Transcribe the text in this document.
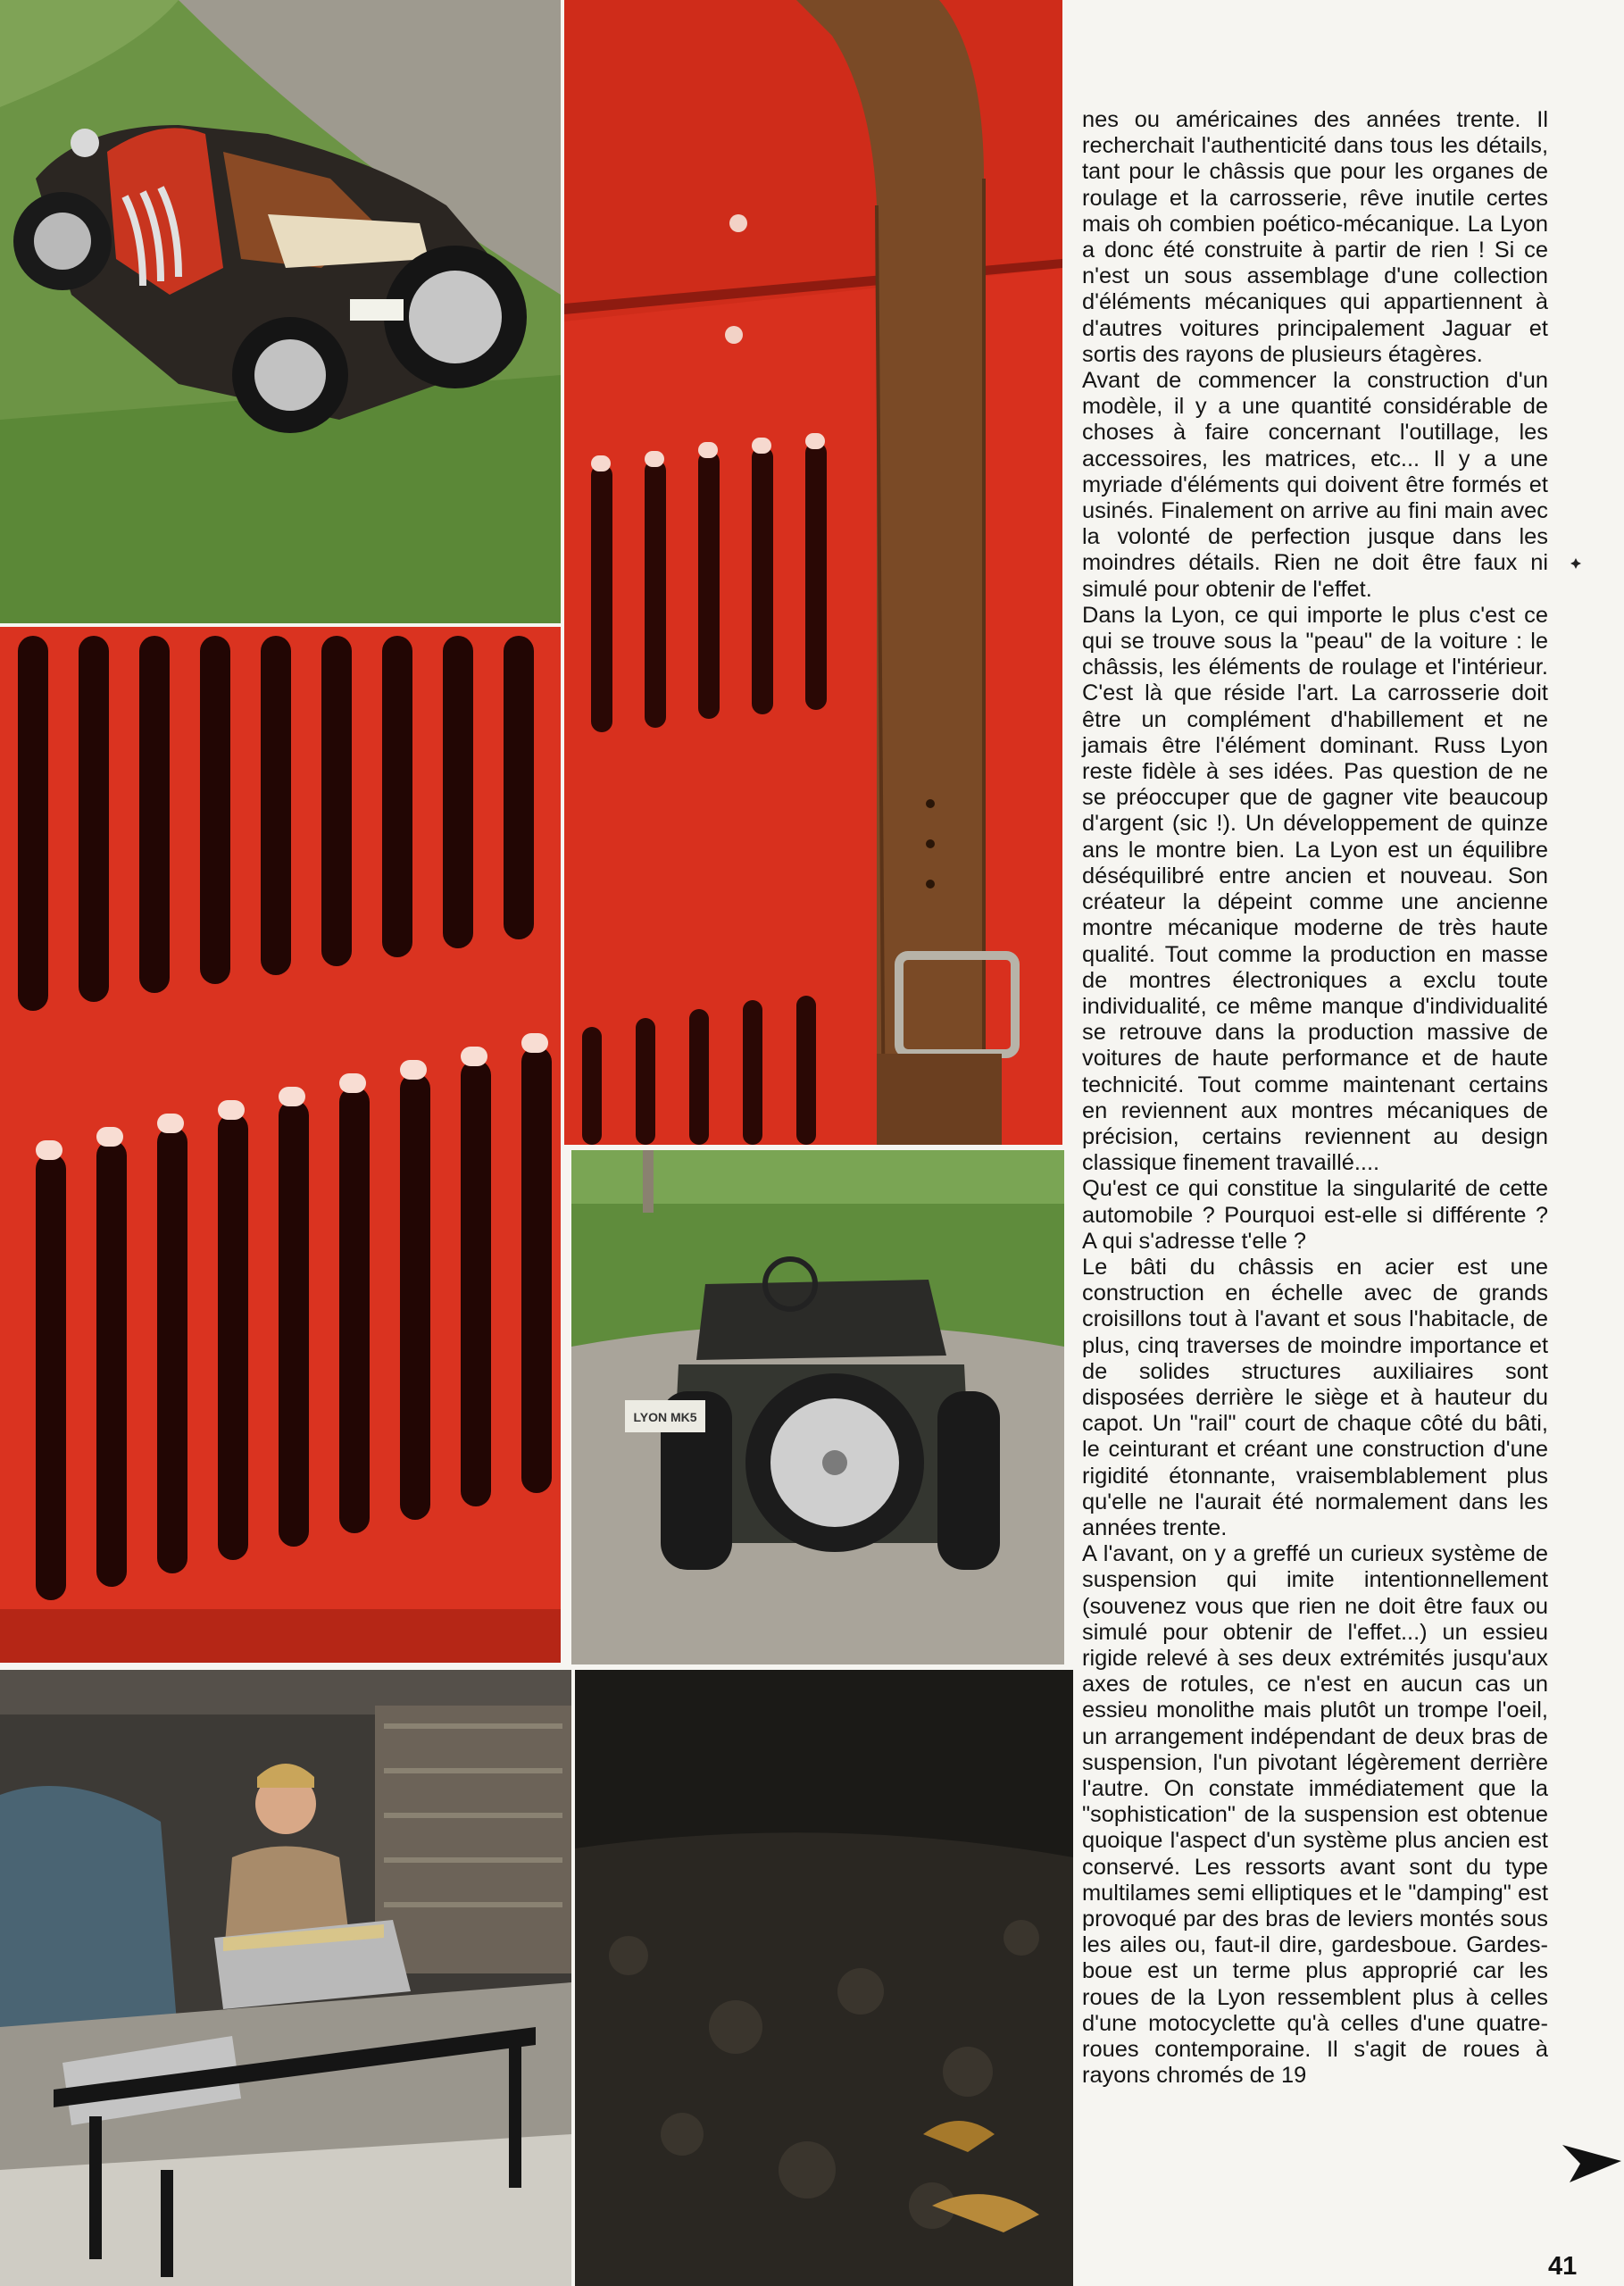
LYON MK5

nes ou américaines des années trente. Il recherchait l'authenticité dans tous les détails, tant pour le châssis que pour les organes de roulage et la carrosserie, rêve inutile certes mais oh combien poético-mécanique. La Lyon a donc été construite à partir de rien ! Si ce n'est un sous assemblage d'une collection d'éléments mécaniques qui appartiennent à d'autres voitures principalement Jaguar et sortis des rayons de plusieurs étagères.

Avant de commencer la construction d'un modèle, il y a une quantité considérable de choses à faire concernant l'outillage, les accessoires, les matrices, etc... Il y a une myriade d'éléments qui doivent être formés et usinés. Finalement on arrive au fini main avec la volonté de perfection jusque dans les moindres détails. Rien ne doit être faux ni simulé pour obtenir de l'effet.

Dans la Lyon, ce qui importe le plus c'est ce qui se trouve sous la "peau" de la voiture : le châssis, les éléments de roulage et l'intérieur. C'est là que réside l'art. La carrosserie doit être un complément d'habillement et ne jamais être l'élément dominant. Russ Lyon reste fidèle à ses idées. Pas question de ne se préoccuper que de gagner vite beaucoup d'argent (sic !). Un développement de quinze ans le montre bien. La Lyon est un équilibre déséquilibré entre ancien et nouveau. Son créateur la dépeint comme une ancienne montre mécanique moderne de très haute qualité. Tout comme la production en masse de montres électroniques a exclu toute individualité, ce même manque d'individualité se retrouve dans la production massive de voitures de haute performance et de haute technicité. Tout comme maintenant certains en reviennent aux montres mécaniques de précision, certains reviennent au design classique finement travaillé....

Qu'est ce qui constitue la singularité de cette automobile ? Pourquoi est-elle si différente ? A qui s'adresse t'elle ?

Le bâti du châssis en acier est une construction en échelle avec de grands croisillons tout à l'avant et sous l'habitacle, de plus, cinq traverses de moindre importance et de solides structures auxiliaires sont disposées derrière le siège et à hauteur du capot. Un "rail" court de chaque côté du bâti, le ceinturant et créant une construction d'une rigidité étonnante, vraisemblablement plus qu'elle ne l'aurait été normalement dans les années trente.

A l'avant, on y a greffé un curieux système de suspension qui imite intentionnellement (souvenez vous que rien ne doit être faux ou simulé pour obtenir de l'effet...) un essieu rigide relevé à ses deux extrémités jusqu'aux axes de rotules, ce n'est en aucun cas un essieu monolithe mais plutôt un trompe l'oeil, un arrangement indépendant de deux bras de suspension, l'un pivotant légèrement derrière l'autre. On constate immédiatement que la "sophistication" de la suspension est obtenue quoique l'aspect d'un système plus ancien est conservé. Les ressorts avant sont du type multilames semi elliptiques et le "damping" est provoqué par des bras de leviers montés sous les ailes ou, faut-il dire, gardesboue. Gardes-boue est un terme plus approprié car les roues de la Lyon ressemblent plus à celles d'une motocyclette qu'à celles d'une quatre-roues contemporaine. Il s'agit de roues à rayons chromés de 19

41
